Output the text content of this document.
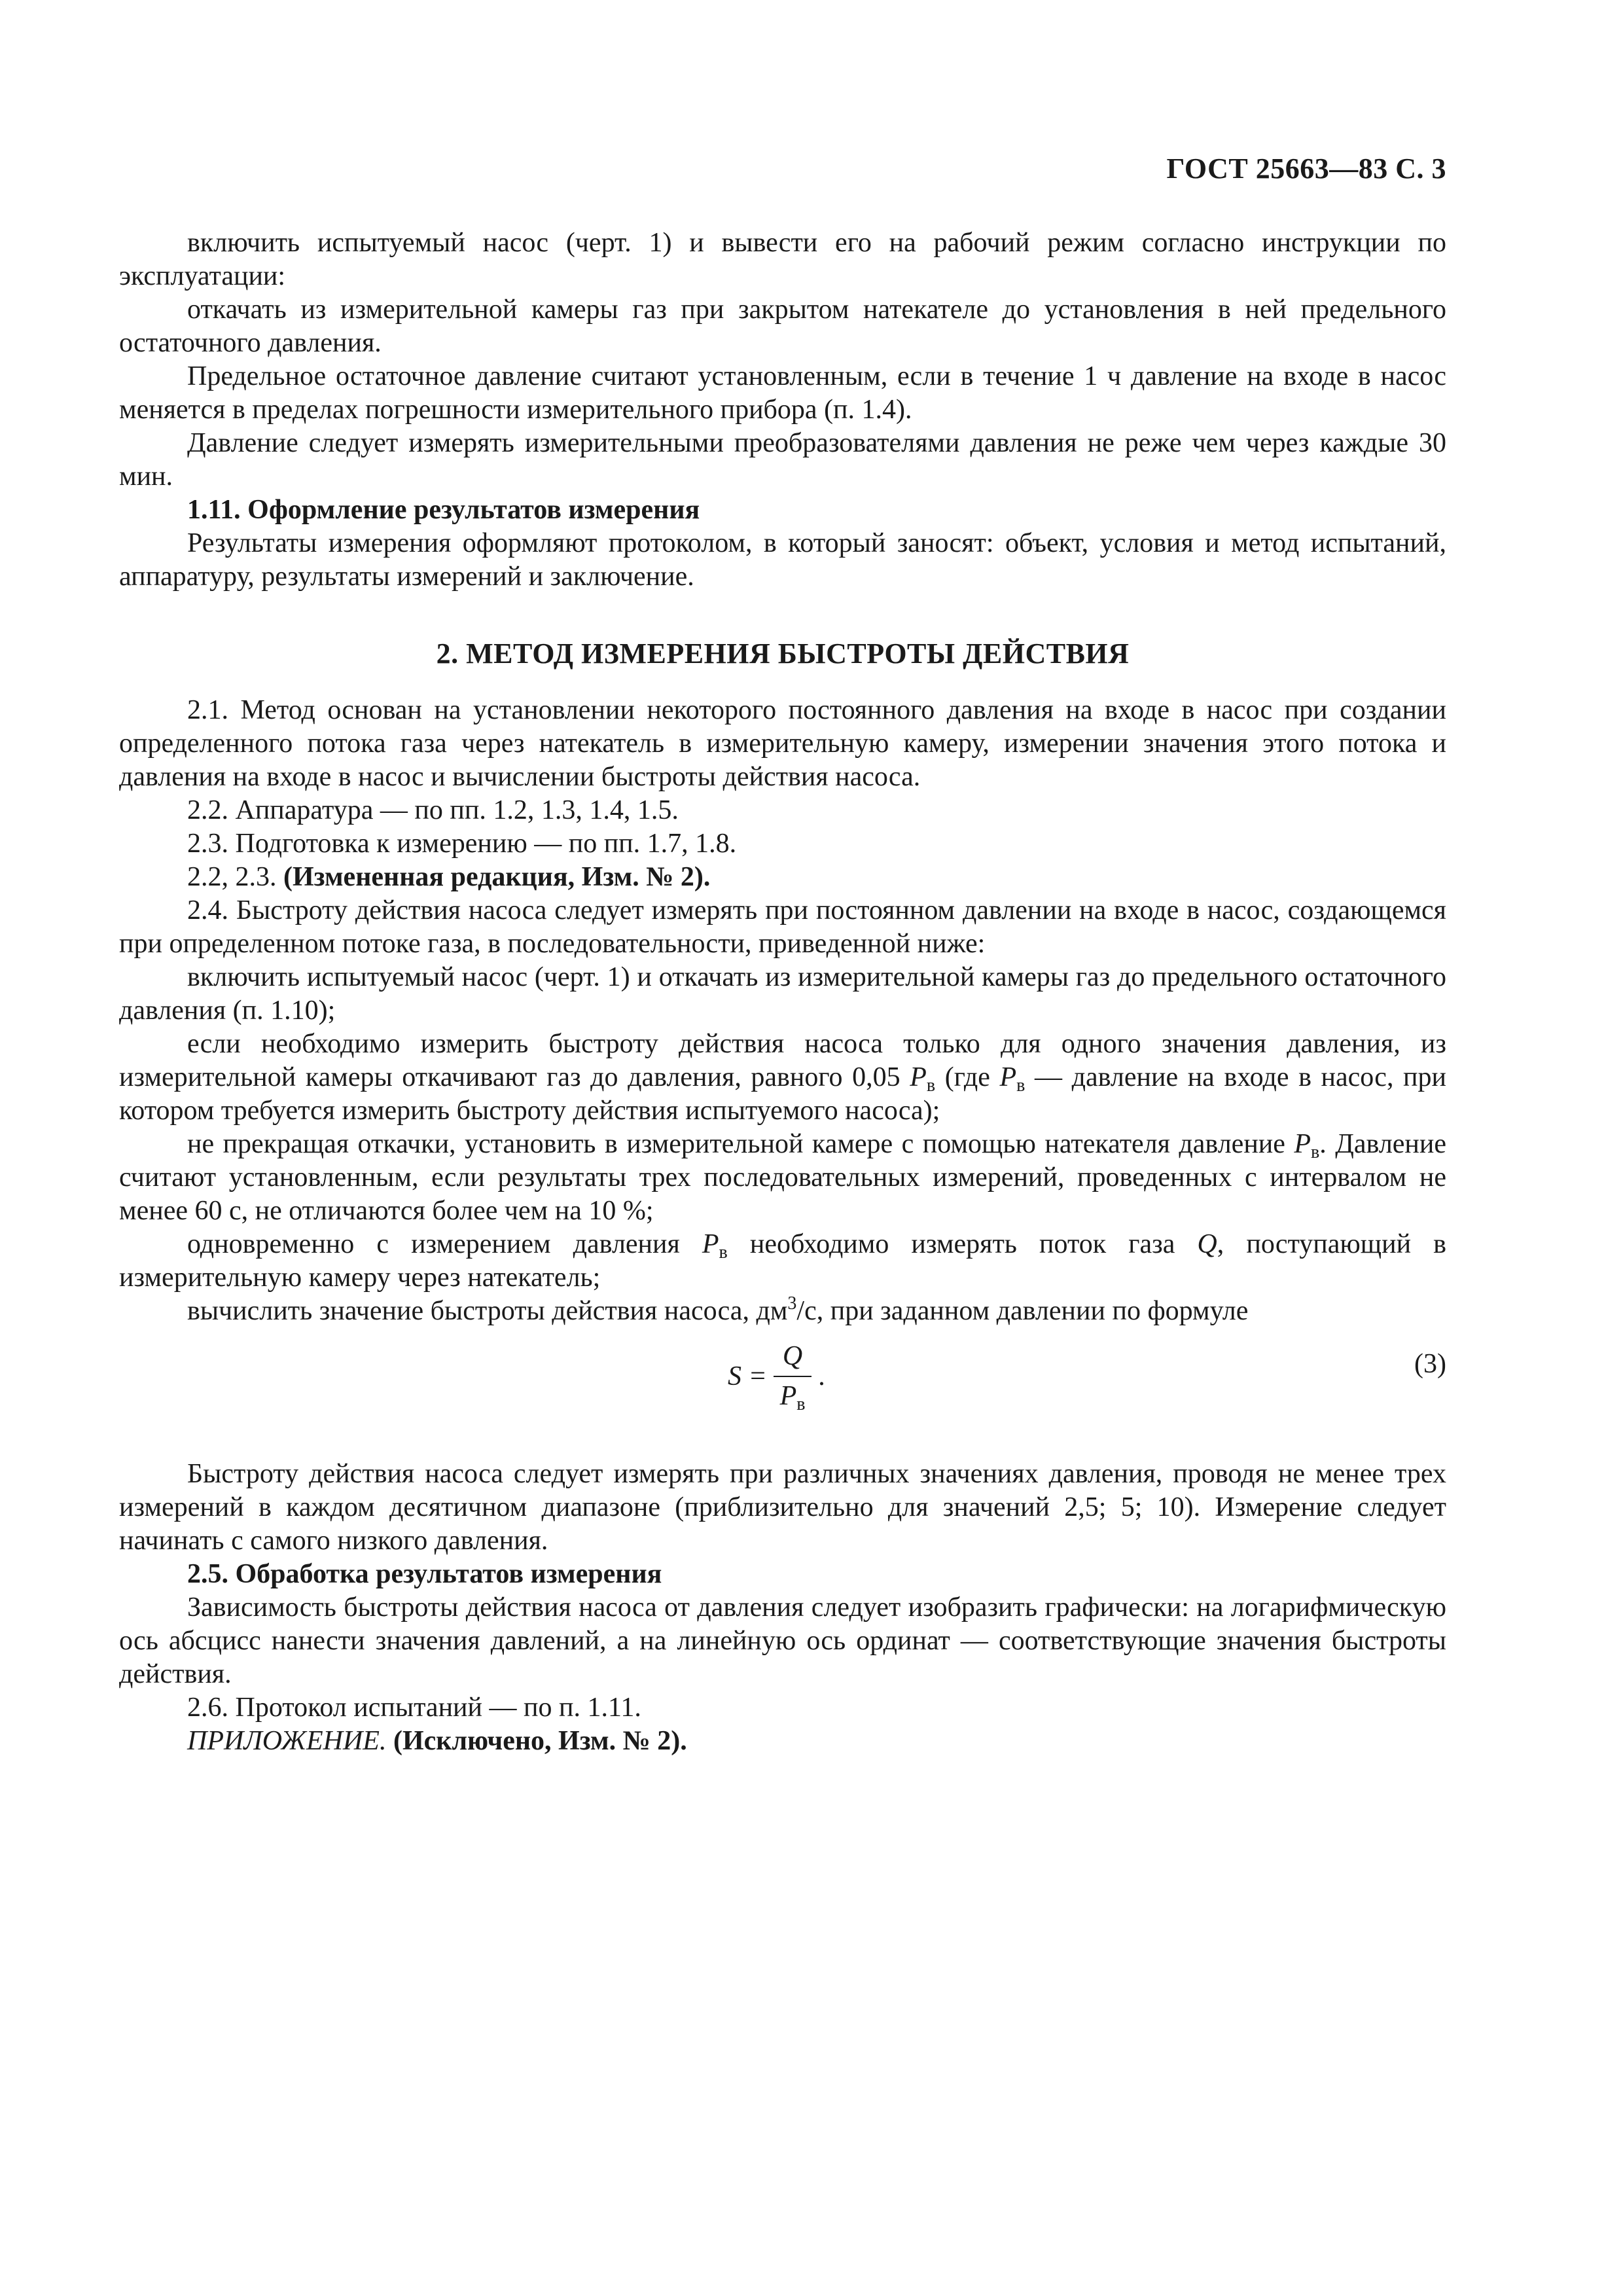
ГОСТ 25663—83 С. 3

включить испытуемый насос (черт. 1) и вывести его на рабочий режим согласно инструкции по эксплуатации:

откачать из измерительной камеры газ при закрытом натекателе до установления в ней предельного остаточного давления.

Предельное остаточное давление считают установленным, если в течение 1 ч давление на входе в насос меняется в пределах погрешности измерительного прибора (п. 1.4).

Давление следует измерять измерительными преобразователями давления не реже чем через каждые 30 мин.

1.11. Оформление результатов измерения

Результаты измерения оформляют протоколом, в который заносят: объект, условия и метод испытаний, аппаратуру, результаты измерений и заключение.

2. МЕТОД ИЗМЕРЕНИЯ БЫСТРОТЫ ДЕЙСТВИЯ

2.1. Метод основан на установлении некоторого постоянного давления на входе в насос при создании определенного потока газа через натекатель в измерительную камеру, измерении значения этого потока и давления на входе в насос и вычислении быстроты действия насоса.

2.2. Аппаратура — по пп. 1.2, 1.3, 1.4, 1.5.

2.3. Подготовка к измерению — по пп. 1.7, 1.8.

2.2, 2.3. (Измененная редакция, Изм. № 2).

2.4. Быстроту действия насоса следует измерять при постоянном давлении на входе в насос, создающемся при определенном потоке газа, в последовательности, приведенной ниже:

включить испытуемый насос (черт. 1) и откачать из измерительной камеры газ до предельного остаточного давления (п. 1.10);

если необходимо измерить быстроту действия насоса только для одного значения давления, из измерительной камеры откачивают газ до давления, равного 0,05 $P_в$ (где $P_в$ — давление на входе в насос, при котором требуется измерить быстроту действия испытуемого насоса);

не прекращая откачки, установить в измерительной камере с помощью натекателя давление $P_в$. Давление считают установленным, если результаты трех последовательных измерений, проведенных с интервалом не менее 60 с, не отличаются более чем на 10 %;

одновременно с измерением давления $P_в$ необходимо измерять поток газа Q, поступающий в измерительную камеру через натекатель;

вычислить значение быстроты действия насоса, $дм^3/с$, при заданном давлении по формуле

$S = \frac{Q}{P_в}$ .	(3)

Быстроту действия насоса следует измерять при различных значениях давления, проводя не менее трех измерений в каждом десятичном диапазоне (приблизительно для значений 2,5; 5; 10). Измерение следует начинать с самого низкого давления.

2.5. Обработка результатов измерения

Зависимость быстроты действия насоса от давления следует изобразить графически: на логарифмическую ось абсцисс нанести значения давлений, а на линейную ось ординат — соответствующие значения быстроты действия.

2.6. Протокол испытаний — по п. 1.11.

ПРИЛОЖЕНИЕ. (Исключено, Изм. № 2).
